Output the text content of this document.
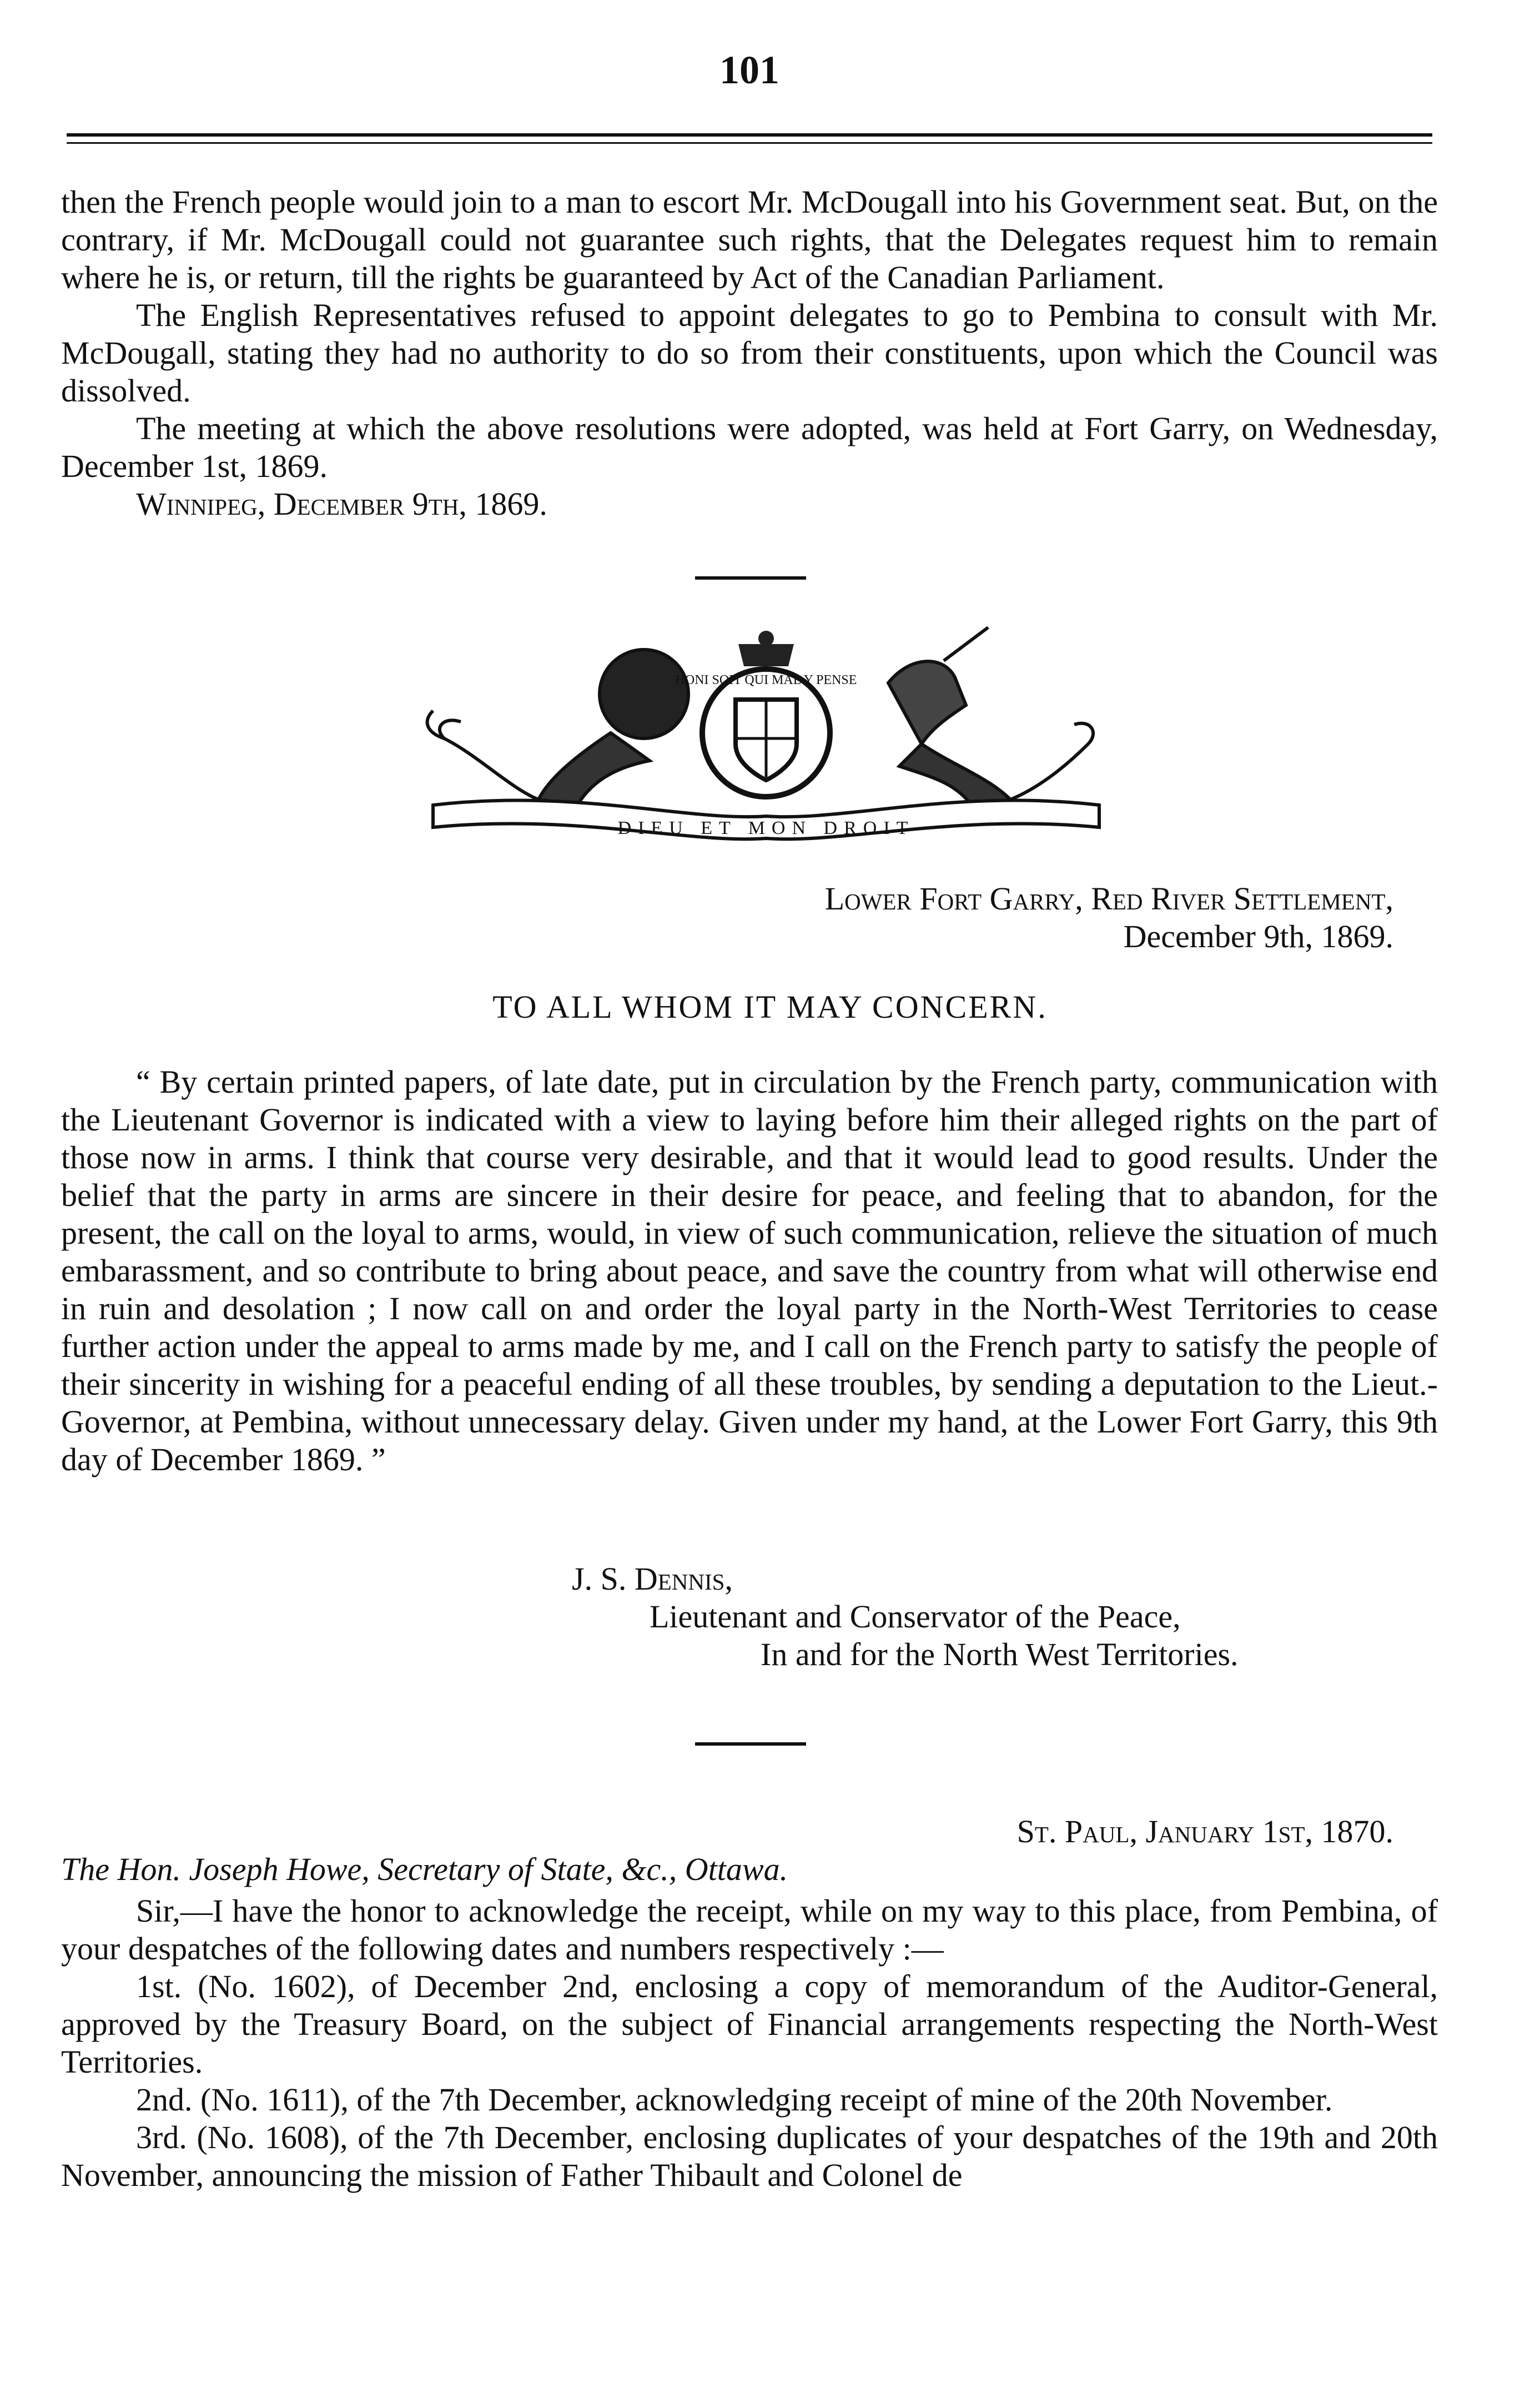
101

then the French people would join to a man to escort Mr. McDougall into his Government seat. But, on the contrary, if Mr. McDougall could not guarantee such rights, that the Delegates request him to remain where he is, or return, till the rights be guaranteed by Act of the Canadian Parliament.

The English Representatives refused to appoint delegates to go to Pembina to consult with Mr. McDougall, stating they had no authority to do so from their constituents, upon which the Council was dissolved.

The meeting at which the above resolutions were adopted, was held at Fort Garry, on Wednesday, December 1st, 1869.

Winnipeg, December 9th, 1869.

HONI SOIT QUI MAL Y PENSE
DIEU ET MON DROIT
Lower Fort Garry, Red River Settlement,
December 9th, 1869.
TO ALL WHOM IT MAY CONCERN.

“ By certain printed papers, of late date, put in circulation by the French party, communication with the Lieutenant Governor is indicated with a view to laying before him their alleged rights on the part of those now in arms. I think that course very desirable, and that it would lead to good results. Under the belief that the party in arms are sincere in their desire for peace, and feeling that to abandon, for the present, the call on the loyal to arms, would, in view of such communication, relieve the situation of much embarassment, and so contribute to bring about peace, and save the country from what will otherwise end in ruin and desolation ; I now call on and order the loyal party in the North-West Territories to cease further action under the appeal to arms made by me, and I call on the French party to satisfy the people of their sincerity in wishing for a peaceful ending of all these troubles, by sending a deputation to the Lieut.-Governor, at Pembina, without unnecessary delay. Given under my hand, at the Lower Fort Garry, this 9th day of December 1869. ”

J. S. Dennis,
Lieutenant and Conservator of the Peace,
In and for the North West Territories.
St. Paul, January 1st, 1870.
The Hon. Joseph Howe, Secretary of State, &c., Ottawa.

Sir,—I have the honor to acknowledge the receipt, while on my way to this place, from Pembina, of your despatches of the following dates and numbers respectively :—

1st. (No. 1602), of December 2nd, enclosing a copy of memorandum of the Auditor-General, approved by the Treasury Board, on the subject of Financial arrangements respecting the North-West Territories.

2nd. (No. 1611), of the 7th December, acknowledging receipt of mine of the 20th November.

3rd. (No. 1608), of the 7th December, enclosing duplicates of your despatches of the 19th and 20th November, announcing the mission of Father Thibault and Colonel de
